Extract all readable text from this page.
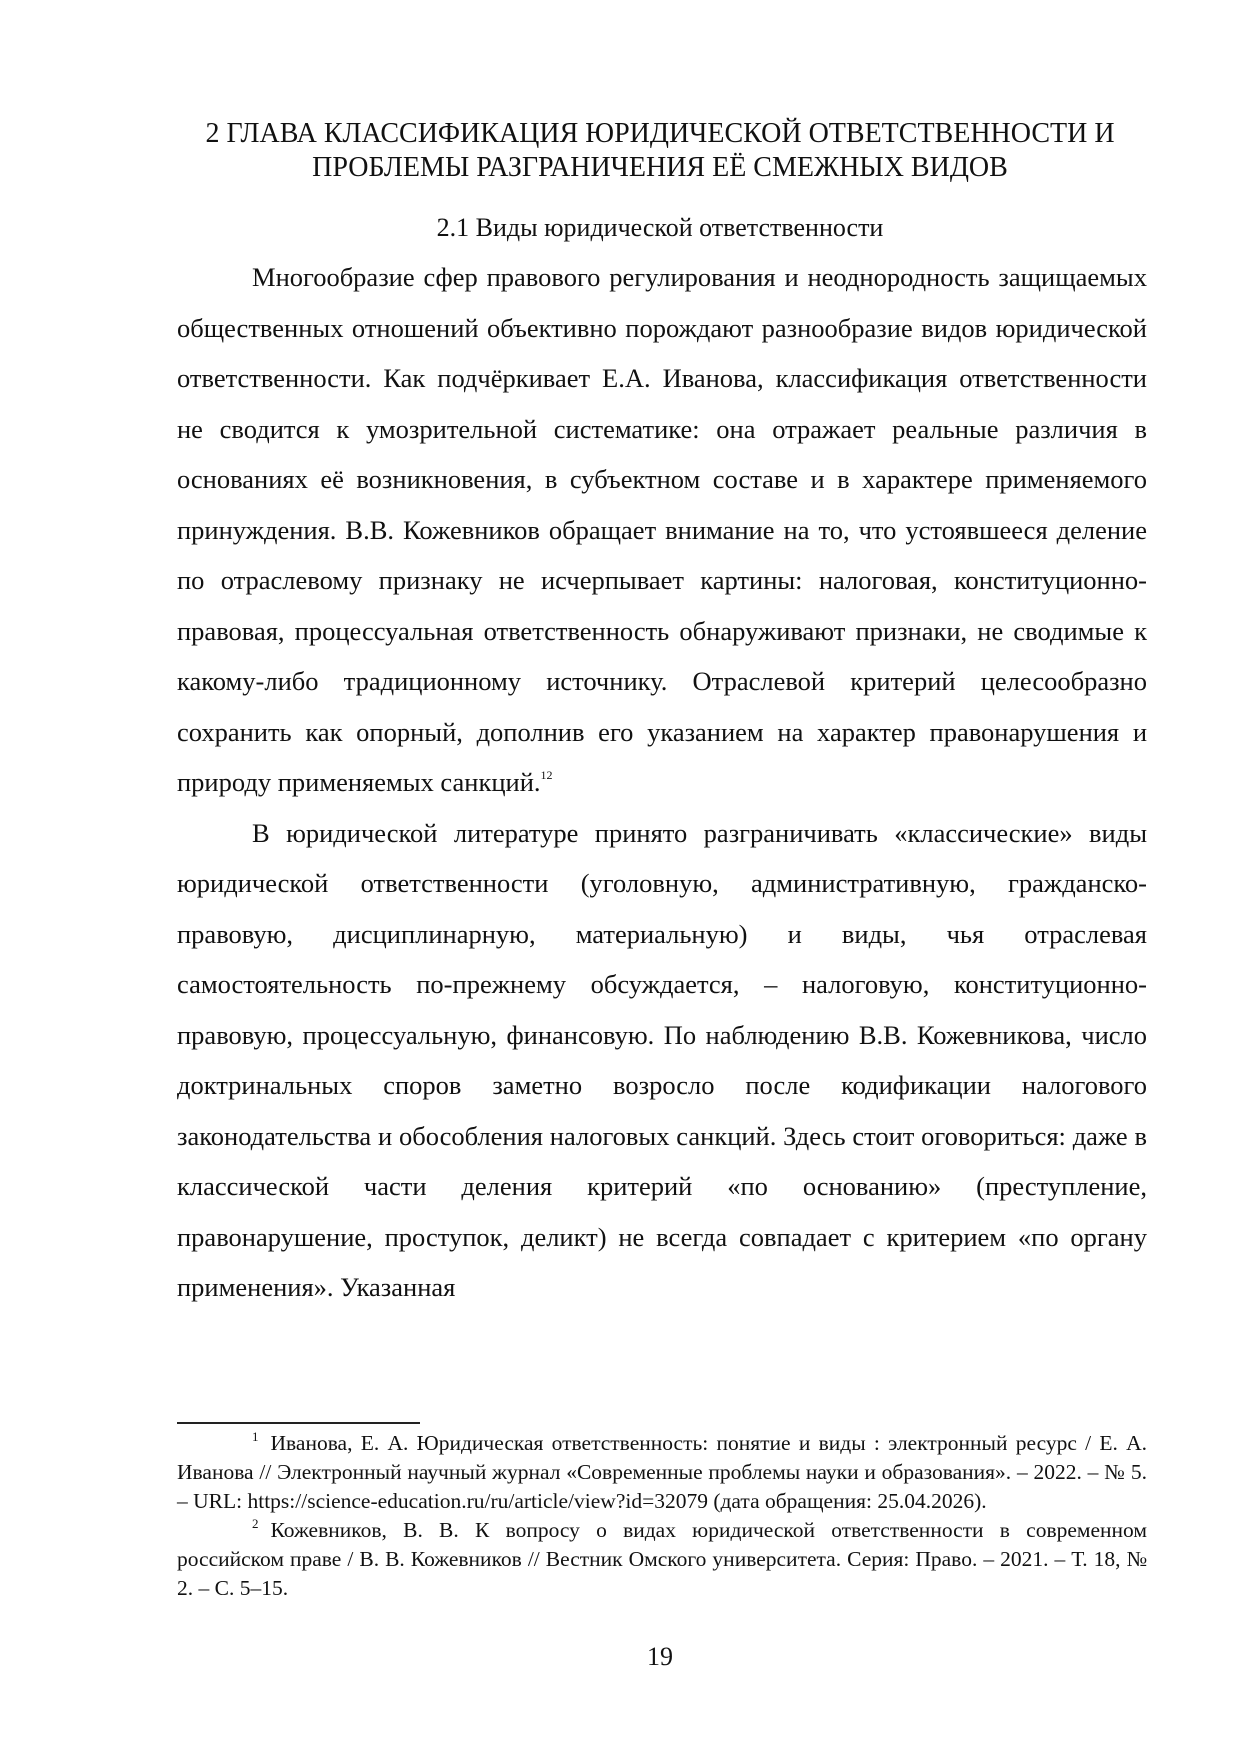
2 ГЛАВА КЛАССИФИКАЦИЯ ЮРИДИЧЕСКОЙ ОТВЕТСТВЕННОСТИ И
ПРОБЛЕМЫ РАЗГРАНИЧЕНИЯ ЕЁ СМЕЖНЫХ ВИДОВ
2.1 Виды юридической ответственности

Многообразие сфер правового регулирования и неоднородность защищаемых общественных отношений объективно порождают разнообразие видов юридической ответственности. Как подчёркивает Е.А. Иванова, классификация ответственности не сводится к умозрительной систематике: она отражает реальные различия в основаниях её возникновения, в субъектном составе и в характере применяемого принуждения. В.В. Кожевников обращает внимание на то, что устоявшееся деление по отраслевому признаку не исчерпывает картины: налоговая, конституционно-правовая, процессуальная ответственность обнаруживают признаки, не сводимые к какому-либо традиционному источнику. Отраслевой критерий целесообразно сохранить как опорный, дополнив его указанием на характер правонарушения и природу применяемых санкций.$^{12}$

В юридической литературе принято разграничивать «классические» виды юридической ответственности (уголовную, административную, гражданско-правовую, дисциплинарную, материальную) и виды, чья отраслевая самостоятельность по-прежнему обсуждается, – налоговую, конституционно-правовую, процессуальную, финансовую. По наблюдению В.В. Кожевникова, число доктринальных споров заметно возросло после кодификации налогового законодательства и обособления налоговых санкций. Здесь стоит оговориться: даже в классической части деления критерий «по основанию» (преступление, правонарушение, проступок, деликт) не всегда совпадает с критерием «по органу применения». Указанная

$^1$ Иванова, Е. А. Юридическая ответственность: понятие и виды : электронный ресурс / Е. А. Иванова // Электронный научный журнал «Современные проблемы науки и образования». – 2022. – № 5. – URL: https://science-education.ru/ru/article/view?id=32079 (дата обращения: 25.04.2026).

$^2$ Кожевников, В. В. К вопросу о видах юридической ответственности в современном российском праве / В. В. Кожевников // Вестник Омского университета. Серия: Право. – 2021. – Т. 18, № 2. – С. 5–15.

19
